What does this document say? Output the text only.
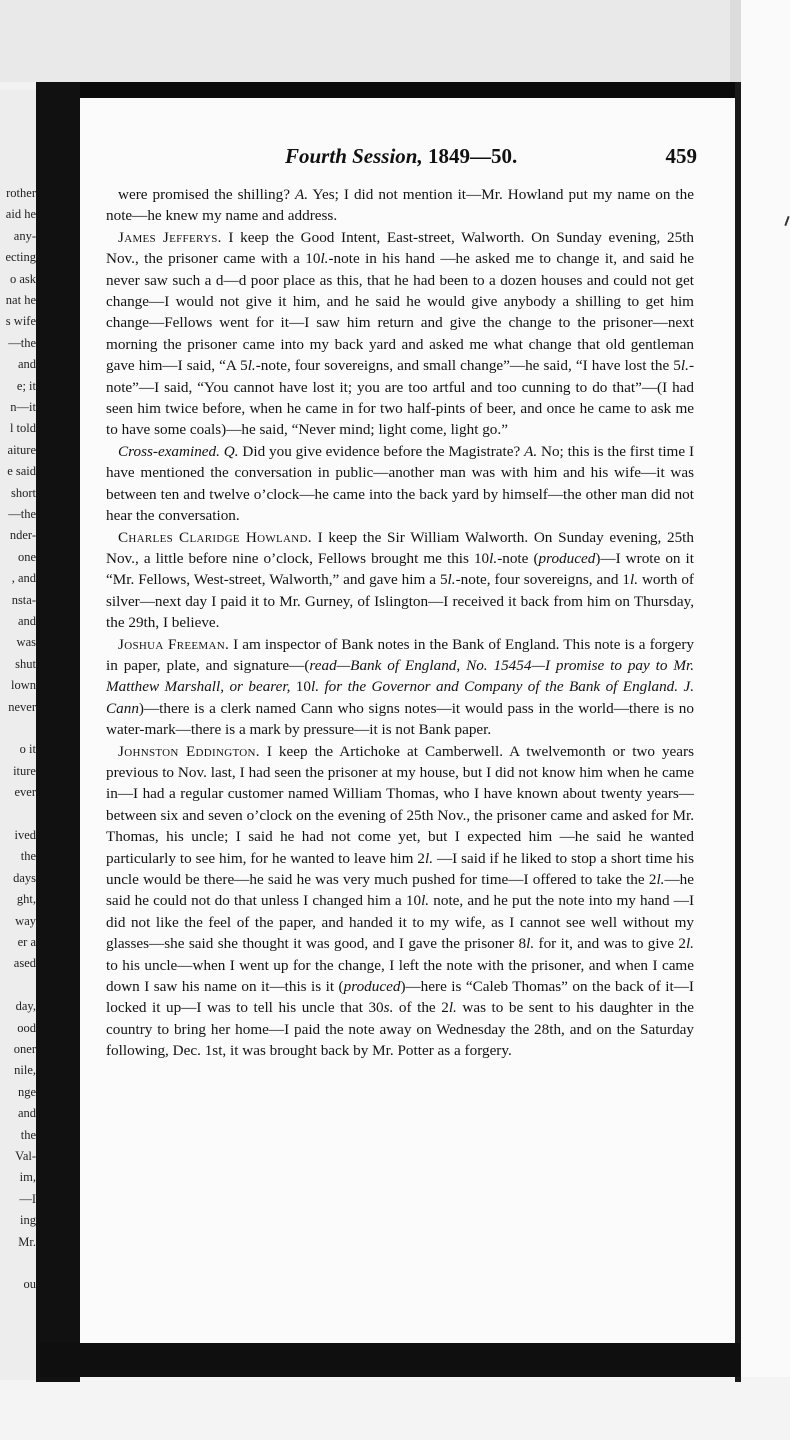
rother
aid he
any-
ecting
o ask
nat he
s wife
—the
and
e; it
n—it
l told
aiture
e said
short
—the
nder-
one
, and
nsta-
and
was
shut
lown
never
o it
iture
ever
ived
the
days
ght,
way
er a
ased
day,
ood
oner
nile,
nge
and
the
Val-
im,
—I
ing
Mr.
ou
Fourth Session, 1849—50.	459

were promised the shilling? A. Yes; I did not mention it—Mr. Howland put my name on the note—he knew my name and address.

James Jefferys. I keep the Good Intent, East-street, Walworth. On Sunday evening, 25th Nov., the prisoner came with a 10l.-note in his hand —he asked me to change it, and said he never saw such a d—d poor place as this, that he had been to a dozen houses and could not get change—I would not give it him, and he said he would give anybody a shilling to get him change—Fellows went for it—I saw him return and give the change to the prisoner—next morning the prisoner came into my back yard and asked me what change that old gentleman gave him—I said, “A 5l.-note, four sovereigns, and small change”—he said, “I have lost the 5l.-note”—I said, “You cannot have lost it; you are too artful and too cunning to do that”—(I had seen him twice before, when he came in for two half-pints of beer, and once he came to ask me to have some coals)—he said, “Never mind; light come, light go.”

Cross-examined. Q. Did you give evidence before the Magistrate? A. No; this is the first time I have mentioned the conversation in public—another man was with him and his wife—it was between ten and twelve o’clock—he came into the back yard by himself—the other man did not hear the conversation.

Charles Claridge Howland. I keep the Sir William Walworth. On Sunday evening, 25th Nov., a little before nine o’clock, Fellows brought me this 10l.-note (produced)—I wrote on it “Mr. Fellows, West-street, Walworth,” and gave him a 5l.-note, four sovereigns, and 1l. worth of silver—next day I paid it to Mr. Gurney, of Islington—I received it back from him on Thursday, the 29th, I believe.

Joshua Freeman. I am inspector of Bank notes in the Bank of England. This note is a forgery in paper, plate, and signature—(read—Bank of England, No. 15454—I promise to pay to Mr. Matthew Marshall, or bearer, 10l. for the Governor and Company of the Bank of England. J. Cann)—there is a clerk named Cann who signs notes—it would pass in the world—there is no water-mark—there is a mark by pressure—it is not Bank paper.

Johnston Eddington. I keep the Artichoke at Camberwell. A twelvemonth or two years previous to Nov. last, I had seen the prisoner at my house, but I did not know him when he came in—I had a regular customer named William Thomas, who I have known about twenty years—between six and seven o’clock on the evening of 25th Nov., the prisoner came and asked for Mr. Thomas, his uncle; I said he had not come yet, but I expected him —he said he wanted particularly to see him, for he wanted to leave him 2l. —I said if he liked to stop a short time his uncle would be there—he said he was very much pushed for time—I offered to take the 2l.—he said he could not do that unless I changed him a 10l. note, and he put the note into my hand —I did not like the feel of the paper, and handed it to my wife, as I cannot see well without my glasses—she said she thought it was good, and I gave the prisoner 8l. for it, and was to give 2l. to his uncle—when I went up for the change, I left the note with the prisoner, and when I came down I saw his name on it—this is it (produced)—here is “Caleb Thomas” on the back of it—I locked it up—I was to tell his uncle that 30s. of the 2l. was to be sent to his daughter in the country to bring her home—I paid the note away on Wednesday the 28th, and on the Saturday following, Dec. 1st, it was brought back by Mr. Potter as a forgery.
